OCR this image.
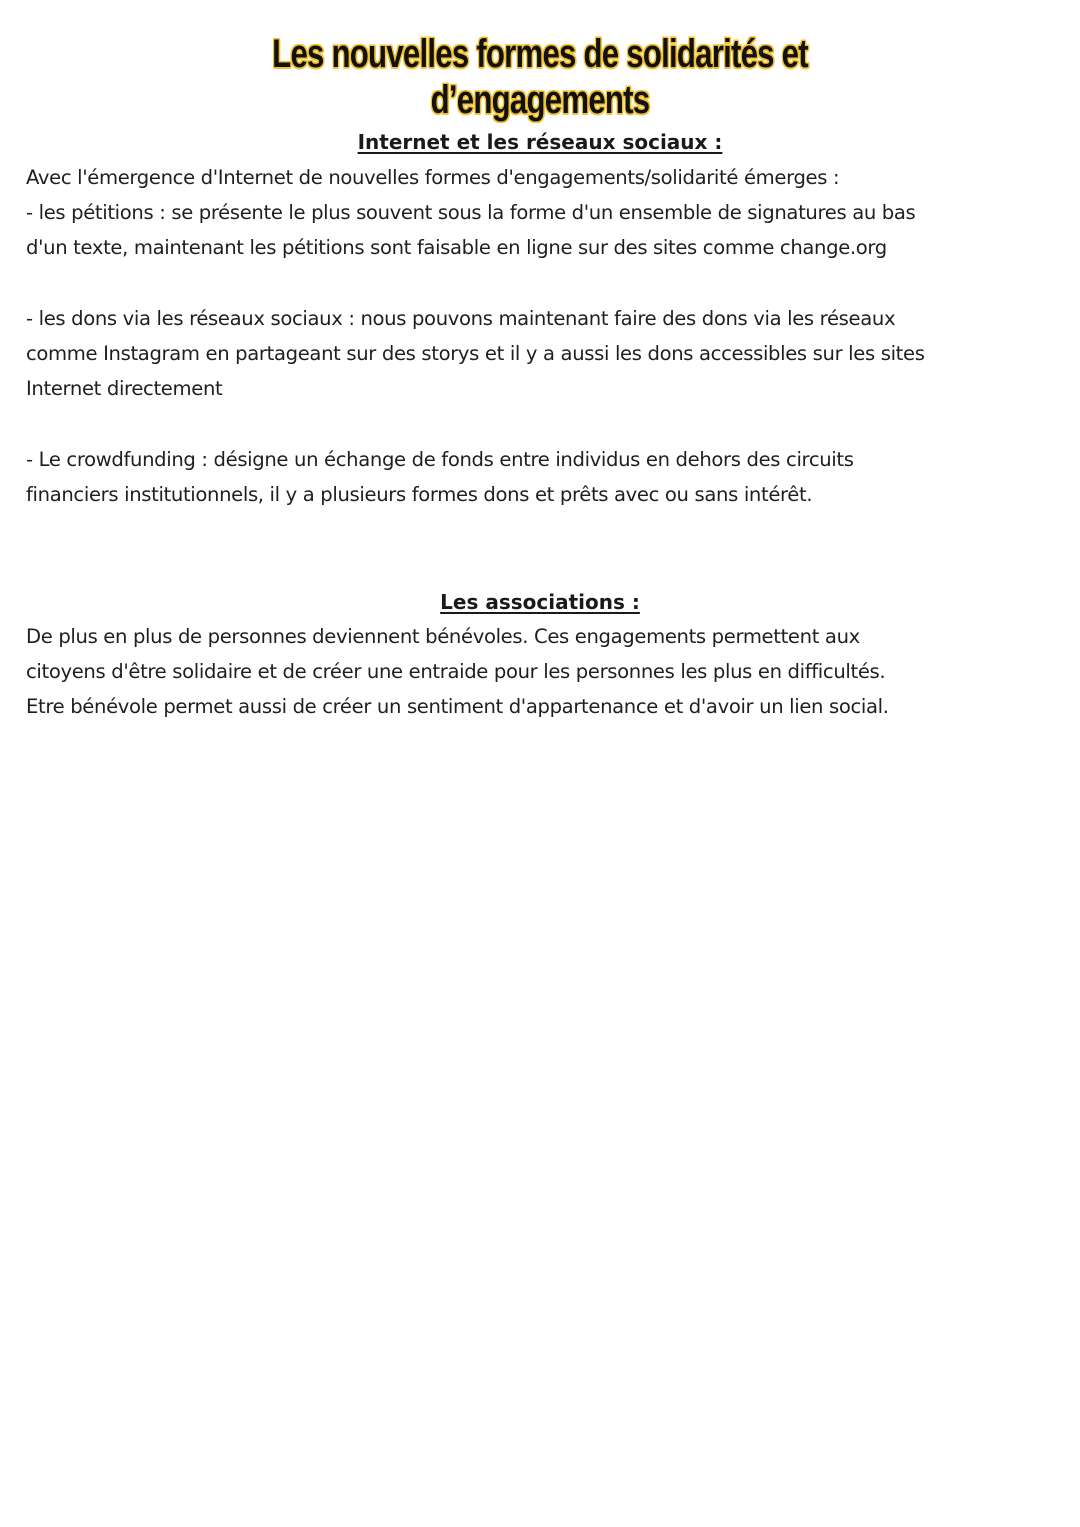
Les nouvelles formes de solidarités et
d’engagements
Internet et les réseaux sociaux :
Avec l'émergence d'Internet de nouvelles formes d'engagements/solidarité émerges :
- les pétitions : se présente le plus souvent sous la forme d'un ensemble de signatures au bas
d'un texte, maintenant les pétitions sont faisable en ligne sur des sites comme change.org
- les dons via les réseaux sociaux : nous pouvons maintenant faire des dons via les réseaux
comme Instagram en partageant sur des storys et il y a aussi les dons accessibles sur les sites
Internet directement
- Le crowdfunding : désigne un échange de fonds entre individus en dehors des circuits
financiers institutionnels, il y a plusieurs formes dons et prêts avec ou sans intérêt.
Les associations :
De plus en plus de personnes deviennent bénévoles. Ces engagements permettent aux
citoyens d'être solidaire et de créer une entraide pour les personnes les plus en difficultés.
Etre bénévole permet aussi de créer un sentiment d'appartenance et d'avoir un lien social.
